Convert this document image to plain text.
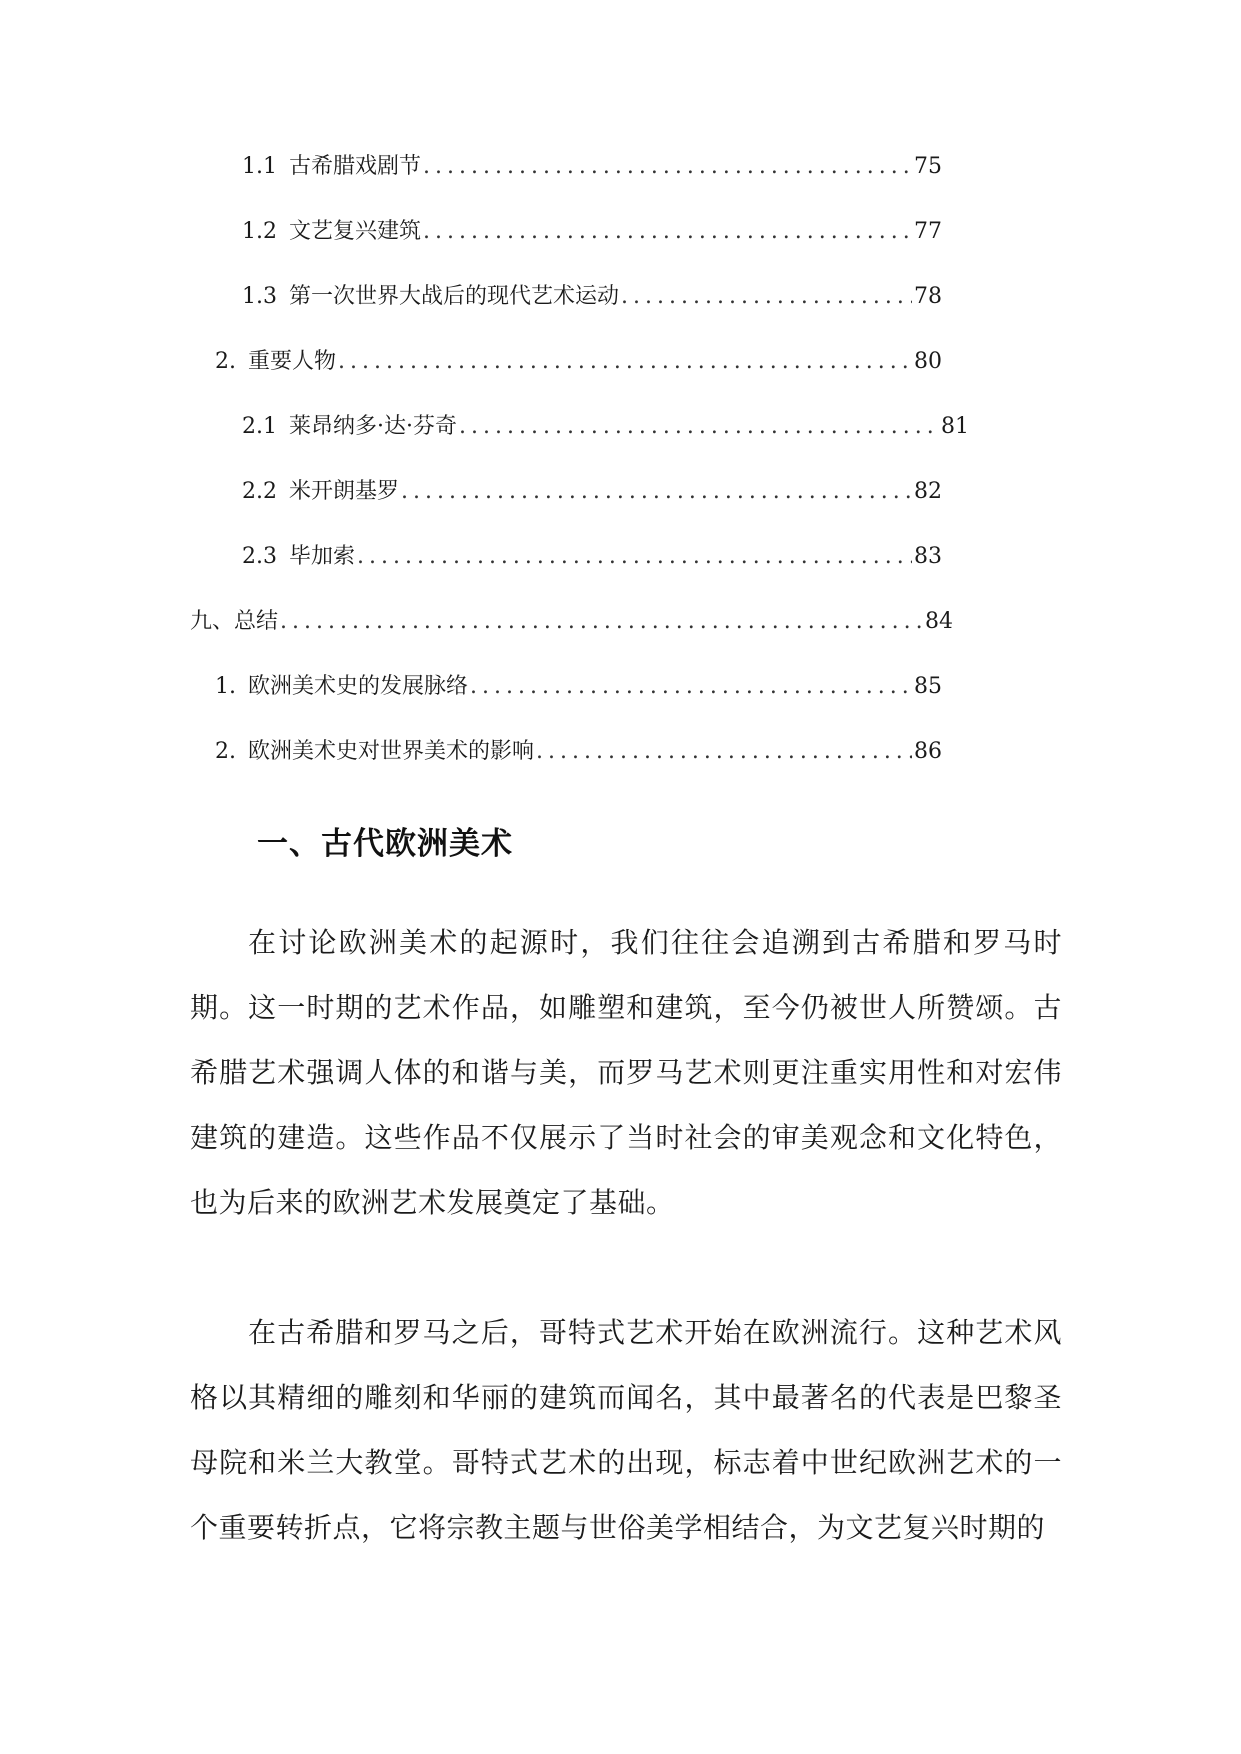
1.1 古希腊戏剧节 .....	75
1.2 文艺复兴建筑 .....	77
1.3 第一次世界大战后的现代艺术运动 .....	78
2. 重要人物 .....	80
2.1 莱昂纳多·达·芬奇 .....	81
2.2 米开朗基罗 .....	82
2.3 毕加索 .....	83
九、总结 .....	84
1. 欧洲美术史的发展脉络 .....	85
2. 欧洲美术史对世界美术的影响 .....	86
一、古代欧洲美术

在讨论欧洲美术的起源时，我们往往会追溯到古希腊和罗马时期。这一时期的艺术作品，如雕塑和建筑，至今仍被世人所赞颂。古希腊艺术强调人体的和谐与美，而罗马艺术则更注重实用性和对宏伟建筑的建造。这些作品不仅展示了当时社会的审美观念和文化特色，也为后来的欧洲艺术发展奠定了基础。

在古希腊和罗马之后，哥特式艺术开始在欧洲流行。这种艺术风格以其精细的雕刻和华丽的建筑而闻名，其中最著名的代表是巴黎圣母院和米兰大教堂。哥特式艺术的出现，标志着中世纪欧洲艺术的一个重要转折点，它将宗教主题与世俗美学相结合，为文艺复兴时期的
